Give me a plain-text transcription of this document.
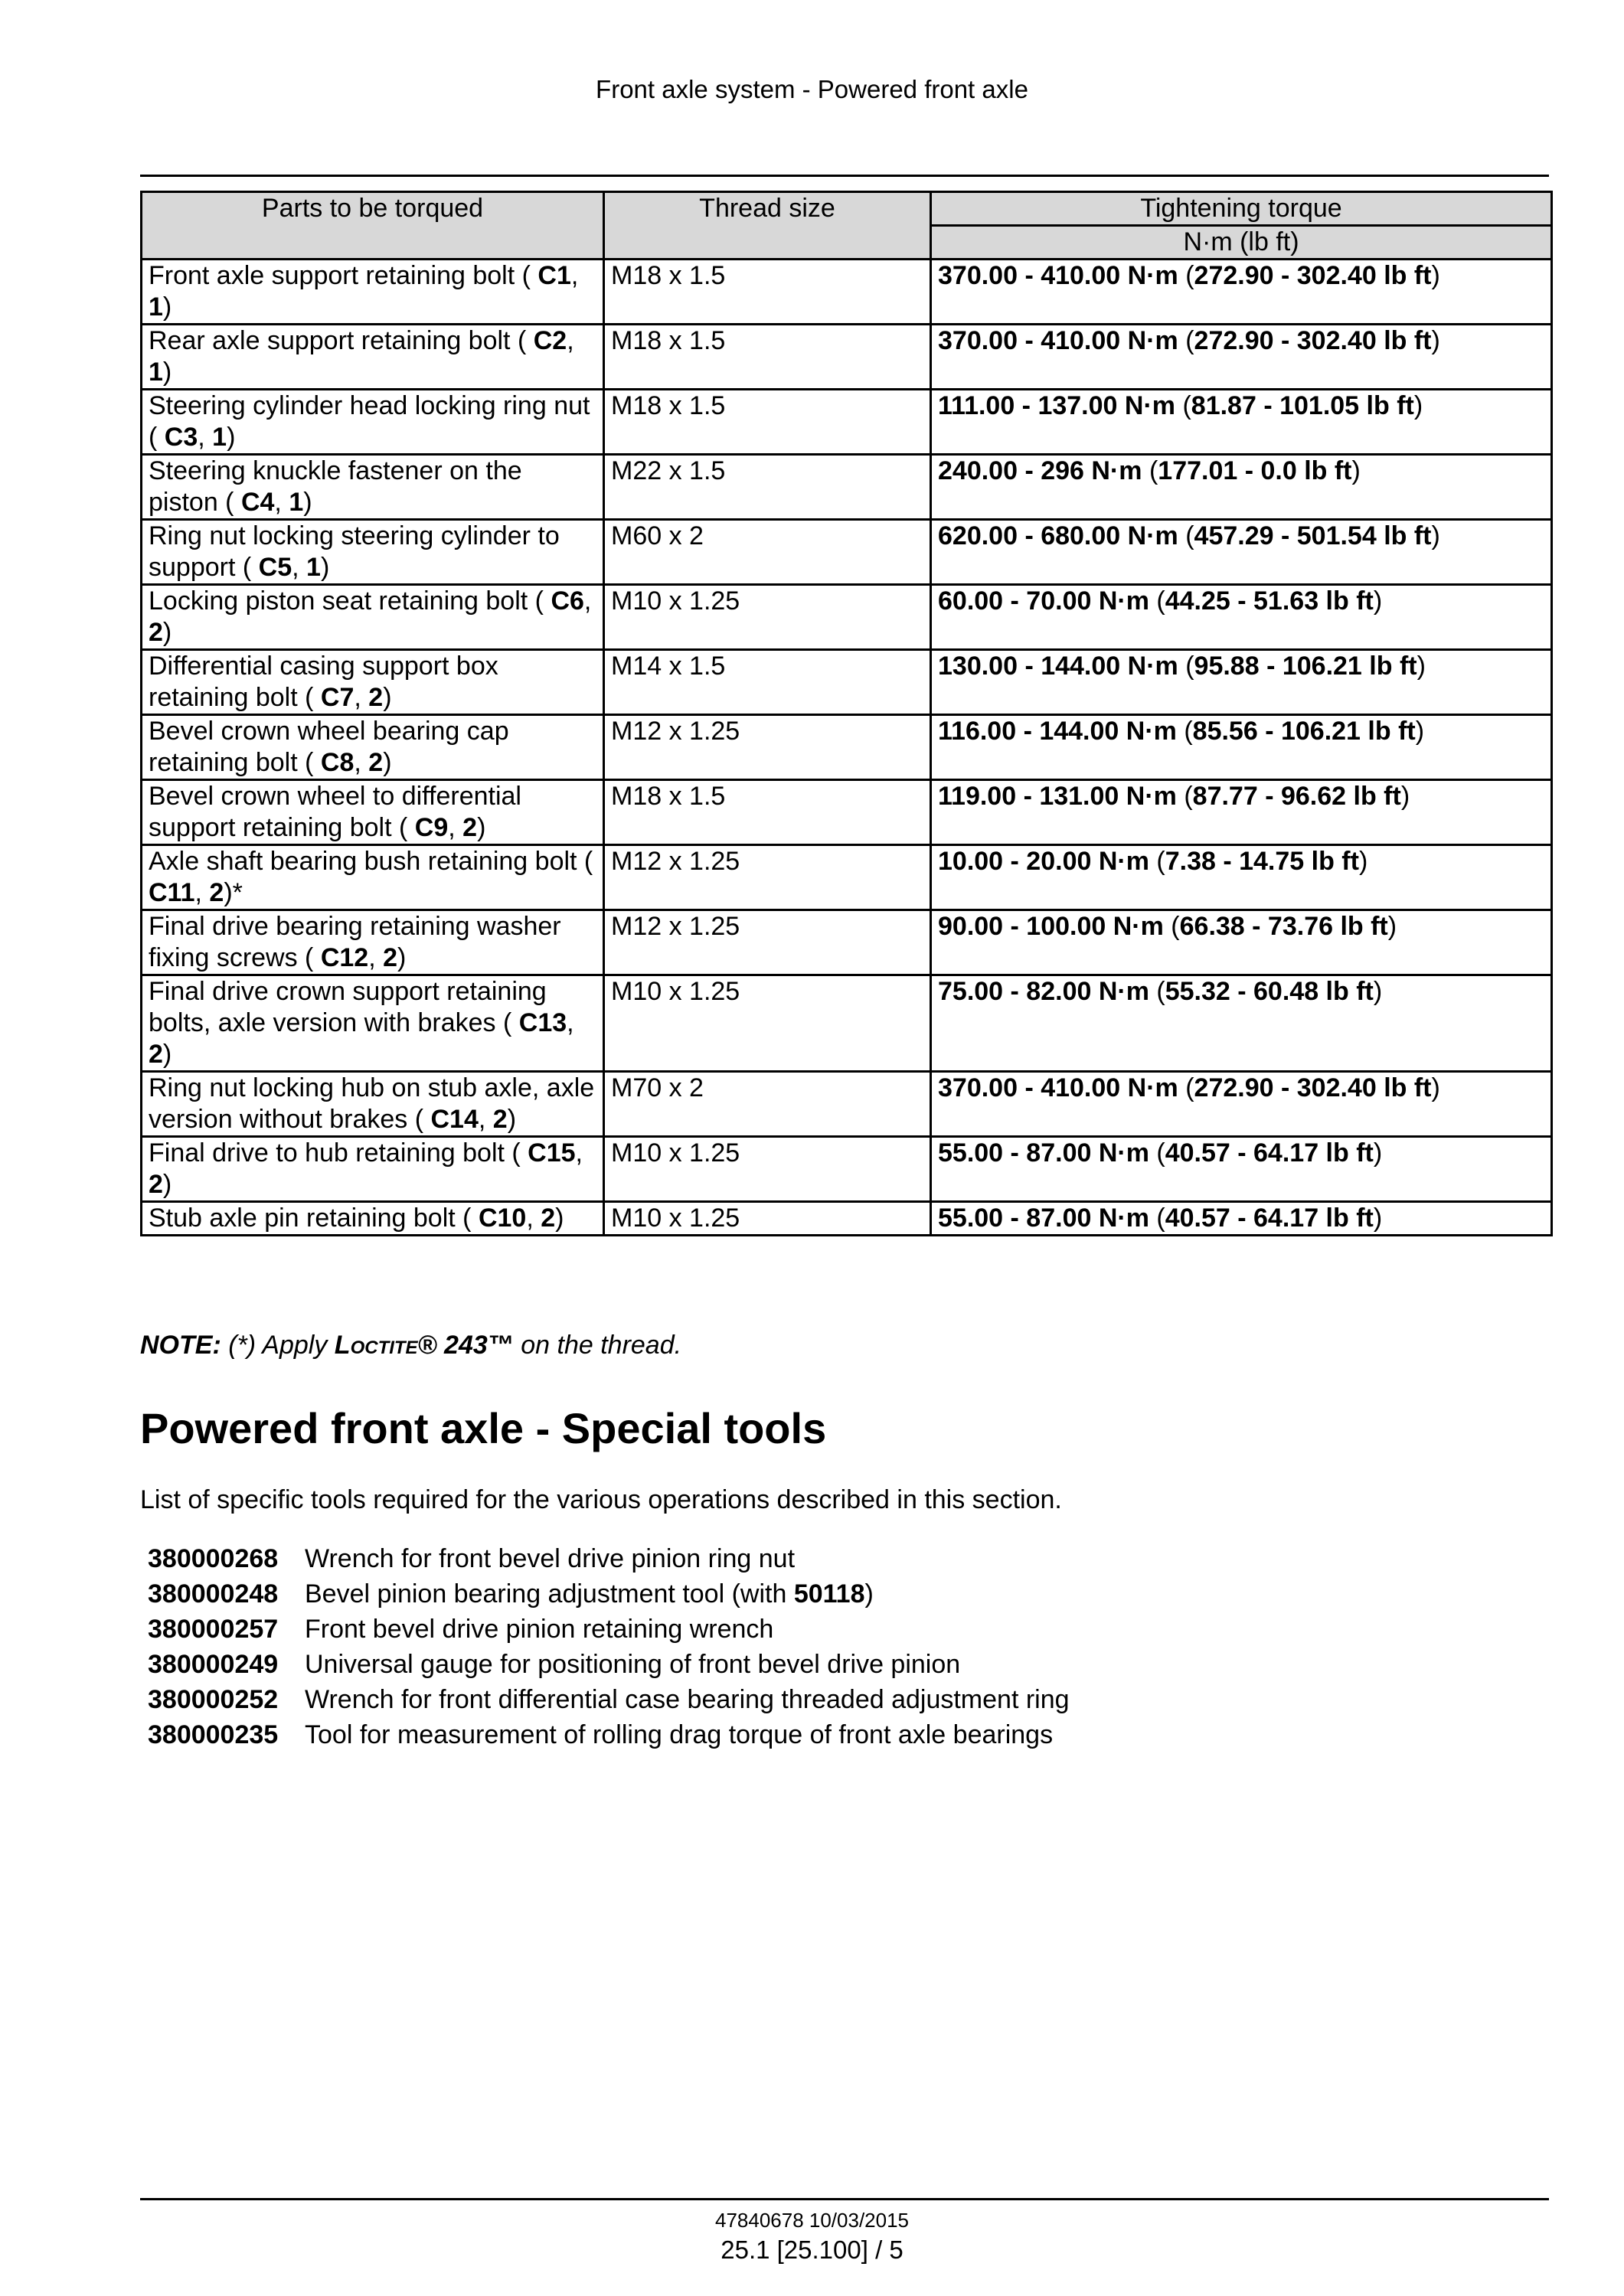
Front axle system - Powered front axle
Parts to be torqued	Thread size	Tightening torque
		N·m (lb ft)
Front axle support retaining bolt ( C1, 1)	M18 x 1.5	370.00 - 410.00 N·m (272.90 - 302.40 lb ft)
Rear axle support retaining bolt ( C2, 1)	M18 x 1.5	370.00 - 410.00 N·m (272.90 - 302.40 lb ft)
Steering cylinder head locking ring nut ( C3, 1)	M18 x 1.5	111.00 - 137.00 N·m (81.87 - 101.05 lb ft)
Steering knuckle fastener on the piston ( C4, 1)	M22 x 1.5	240.00 - 296 N·m (177.01 - 0.0 lb ft)
Ring nut locking steering cylinder to support ( C5, 1)	M60 x 2	620.00 - 680.00 N·m (457.29 - 501.54 lb ft)
Locking piston seat retaining bolt ( C6, 2)	M10 x 1.25	60.00 - 70.00 N·m (44.25 - 51.63 lb ft)
Differential casing support box retaining bolt ( C7, 2)	M14 x 1.5	130.00 - 144.00 N·m (95.88 - 106.21 lb ft)
Bevel crown wheel bearing cap retaining bolt ( C8, 2)	M12 x 1.25	116.00 - 144.00 N·m (85.56 - 106.21 lb ft)
Bevel crown wheel to differential support retaining bolt ( C9, 2)	M18 x 1.5	119.00 - 131.00 N·m (87.77 - 96.62 lb ft)
Axle shaft bearing bush retaining bolt ( C11, 2)*	M12 x 1.25	10.00 - 20.00 N·m (7.38 - 14.75 lb ft)
Final drive bearing retaining washer fixing screws ( C12, 2)	M12 x 1.25	90.00 - 100.00 N·m (66.38 - 73.76 lb ft)
Final drive crown support retaining bolts, axle version with brakes ( C13, 2)	M10 x 1.25	75.00 - 82.00 N·m (55.32 - 60.48 lb ft)
Ring nut locking hub on stub axle, axle version without brakes ( C14, 2)	M70 x 2	370.00 - 410.00 N·m (272.90 - 302.40 lb ft)
Final drive to hub retaining bolt ( C15, 2)	M10 x 1.25	55.00 - 87.00 N·m (40.57 - 64.17 lb ft)
Stub axle pin retaining bolt ( C10, 2)	M10 x 1.25	55.00 - 87.00 N·m (40.57 - 64.17 lb ft)
NOTE: (*) Apply Loctite® 243™ on the thread.
Powered front axle - Special tools
List of specific tools required for the various operations described in this section.
380000268	Wrench for front bevel drive pinion ring nut
380000248	Bevel pinion bearing adjustment tool (with 50118)
380000257	Front bevel drive pinion retaining wrench
380000249	Universal gauge for positioning of front bevel drive pinion
380000252	Wrench for front differential case bearing threaded adjustment ring
380000235	Tool for measurement of rolling drag torque of front axle bearings
47840678 10/03/2015
25.1 [25.100] / 5
